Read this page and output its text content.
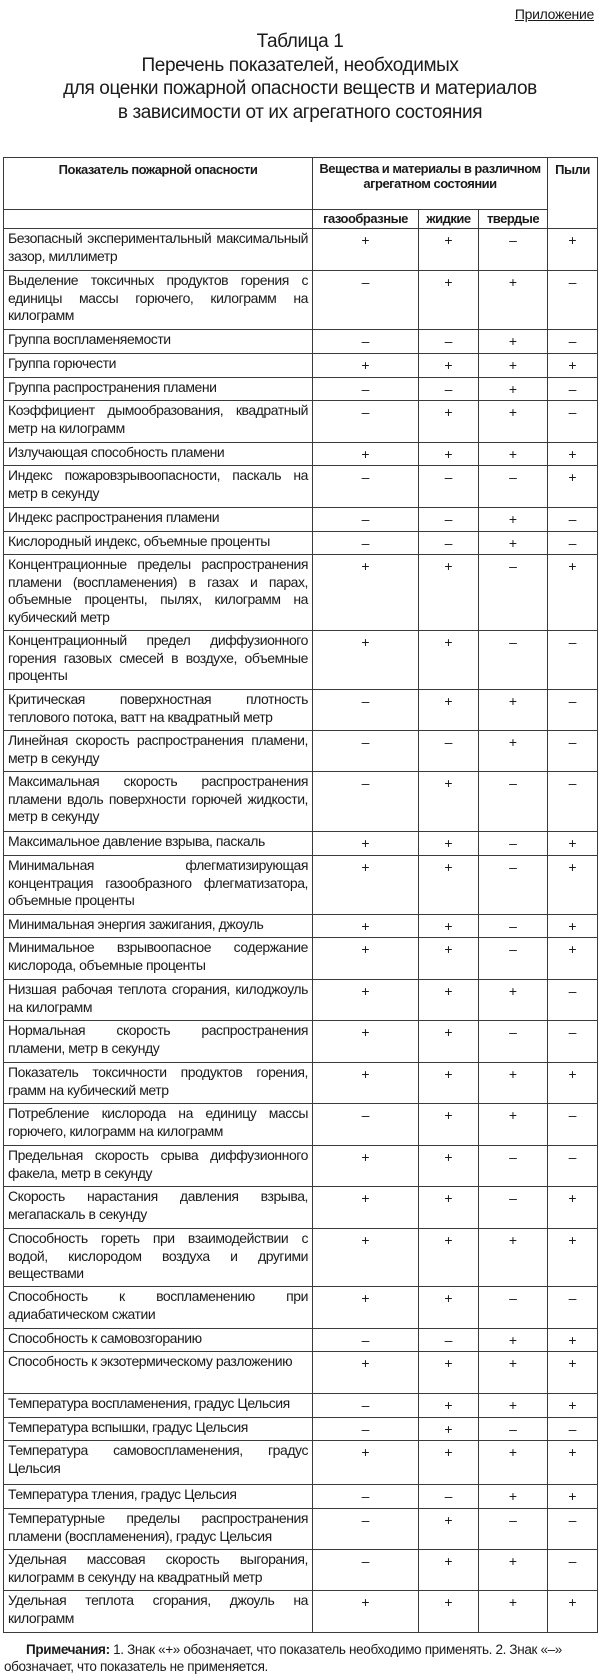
Приложение
Таблица 1
Перечень показателей, необходимых
для оценки пожарной опасности веществ и материалов
в зависимости от их агрегатного состояния
Показатель пожарной опасности	Вещества и материалы в различном агрегатном состоянии			Пыли

	газообразные	жидкие	твердые	
Безопасный экспериментальный максимальный зазор, миллиметр	+	+	–	+
Выделение токсичных продуктов горения с единицы массы горючего, килограмм на килограмм	–	+	+	–
Группа воспламеняемости	–	–	+	–
Группа горючести	+	+	+	+
Группа распространения пламени	–	–	+	–
Коэффициент дымообразования, квадратный метр на килограмм	–	+	+	–
Излучающая способность пламени	+	+	+	+
Индекс пожаровзрывоопасности, паскаль на метр в секунду	–	–	–	+
Индекс распространения пламени	–	–	+	–
Кислородный индекс, объемные проценты	–	–	+	–
Концентрационные пределы распространения пламени (воспламенения) в газах и парах, объемные проценты, пылях, килограмм на кубический метр	+	+	–	+
Концентрационный предел диффузионного горения газовых смесей в воздухе, объемные проценты	+	+	–	–
Критическая поверхностная плотность теплового потока, ватт на квадратный метр	–	+	+	–
Линейная скорость распространения пламени, метр в секунду	–	–	+	–
Максимальная скорость распространения пламени вдоль поверхности горючей жидкости, метр в секунду	–	+	–	–
Максимальное давление взрыва, паскаль	+	+	–	+
Минимальная флегматизирующая концентрация газообразного флегматизатора, объемные проценты	+	+	–	+
Минимальная энергия зажигания, джоуль	+	+	–	+
Минимальное взрывоопасное содержание кислорода, объемные проценты	+	+	–	+
Низшая рабочая теплота сгорания, килоджоуль на килограмм	+	+	+	–
Нормальная скорость распространения пламени, метр в секунду	+	+	–	–
Показатель токсичности продуктов горения, грамм на кубический метр	+	+	+	+
Потребление кислорода на единицу массы горючего, килограмм на килограмм	–	+	+	–
Предельная скорость срыва диффузионного факела, метр в секунду	+	+	–	–
Скорость нарастания давления взрыва, мегапаскаль в секунду	+	+	–	+
Способность гореть при взаимодействии с водой, кислородом воздуха и другими веществами	+	+	+	+
Способность к воспламенению при адиабатическом сжатии	+	+	–	–
Способность к самовозгоранию	–	–	+	+
Способность к экзотермическому разложению	+	+	+	+
Температура воспламенения, градус Цельсия	–	+	+	+
Температура вспышки, градус Цельсия	–	+	–	–
Температура самовоспламенения, градус Цельсия	+	+	+	+
Температура тления, градус Цельсия	–	–	+	+
Температурные пределы распространения пламени (воспламенения), градус Цельсия	–	+	–	–
Удельная массовая скорость выгорания, килограмм в секунду на квадратный метр	–	+	+	–
Удельная теплота сгорания, джоуль на килограмм	+	+	+	+
Примечания: 1. Знак «+» обозначает, что показатель необходимо применять. 2. Знак «–» обозначает, что показатель не применяется.
